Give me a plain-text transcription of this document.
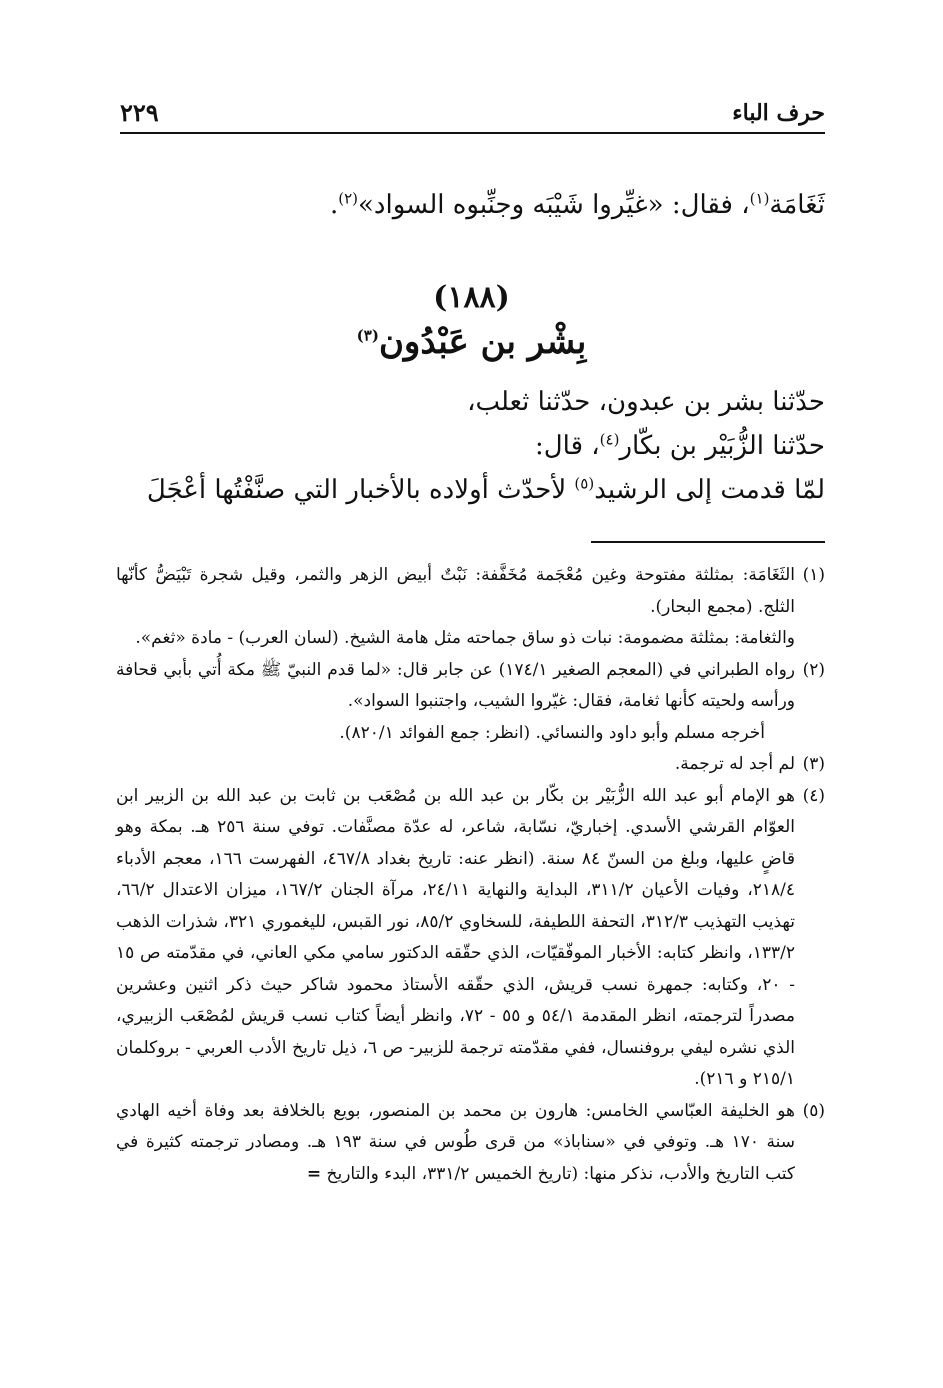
حرف الباء
٢٢٩
ثَغَامَة$^{(١)}$، فقال: «غيِّروا شَيْبَه وجنِّبوه السواد»$^{(٢)}$.
(١٨٨)
بِشْر بن عَبْدُون$^{(٣)}$
حدّثنا بشر بن عبدون، حدّثنا ثعلب،
حدّثنا الزُّبَيْر بن بكّار$^{(٤)}$، قال:
لمّا قدمت إلى الرشيد$^{(٥)}$ لأحدّث أولاده بالأخبار التي صنَّفْتُها أعْجَلَ
(١)

الثَغَامَة: بمثلثة مفتوحة وغين مُعْجَمة مُخَفَّفة: نَبْتٌ أبيض الزهر والثمر، وقيل شجرة تَبْيَضُّ كأنّها الثلج. (مجمع البحار).

والثغامة: بمثلثة مضمومة: نبات ذو ساق جماحته مثل هامة الشيخ. (لسان العرب) - مادة «ثغم».

(٢)

رواه الطبراني في (المعجم الصغير ١٧٤/١) عن جابر قال: «لما قدم النبيّ ﷺ مكة أُتي بأبي قحافة ورأسه ولحيته كأنها ثغامة، فقال: غيّروا الشيب، واجتنبوا السواد».

أخرجه مسلم وأبو داود والنسائي. (انظر: جمع الفوائد ٨٢٠/١).

(٣)

لم أجد له ترجمة.

(٤)

هو الإمام أبو عبد الله الزُّبَيْر بن بكّار بن عبد الله بن مُصْعَب بن ثابت بن عبد الله بن الزبير ابن العوّام القرشي الأسدي. إخباريّ، نسّابة، شاعر، له عدّة مصنَّفات. توفي سنة ٢٥٦ هـ. بمكة وهو قاضٍ عليها، وبلغ من السنّ ٨٤ سنة. (انظر عنه: تاريخ بغداد ٤٦٧/٨، الفهرست ١٦٦، معجم الأدباء ٢١٨/٤، وفيات الأعيان ٣١١/٢، البداية والنهاية ٢٤/١١، مرآة الجنان ١٦٧/٢، ميزان الاعتدال ٦٦/٢، تهذيب التهذيب ٣١٢/٣، التحفة اللطيفة، للسخاوي ٨٥/٢، نور القبس، لليغموري ٣٢١، شذرات الذهب ١٣٣/٢، وانظر كتابه: الأخبار الموفّقيّات، الذي حقّقه الدكتور سامي مكي العاني، في مقدّمته ص ١٥ - ٢٠، وكتابه: جمهرة نسب قريش، الذي حقّقه الأستاذ محمود شاكر حيث ذكر اثنين وعشرين مصدراً لترجمته، انظر المقدمة ٥٤/١ و ٥٥ - ٧٢، وانظر أيضاً كتاب نسب قريش لمُصْعَب الزبيري، الذي نشره ليفي بروفنسال، ففي مقدّمته ترجمة للزبير- ص ٦، ذيل تاريخ الأدب العربي - بروكلمان ٢١٥/١ و ٢١٦).

(٥)

هو الخليفة العبّاسي الخامس: هارون بن محمد بن المنصور، بويع بالخلافة بعد وفاة أخيه الهادي سنة ١٧٠ هـ. وتوفي في «سناباذ» من قرى طُوس في سنة ١٩٣ هـ. ومصادر ترجمته كثيرة في كتب التاريخ والأدب، نذكر منها: (تاريخ الخميس ٣٣١/٢، البدء والتاريخ =
